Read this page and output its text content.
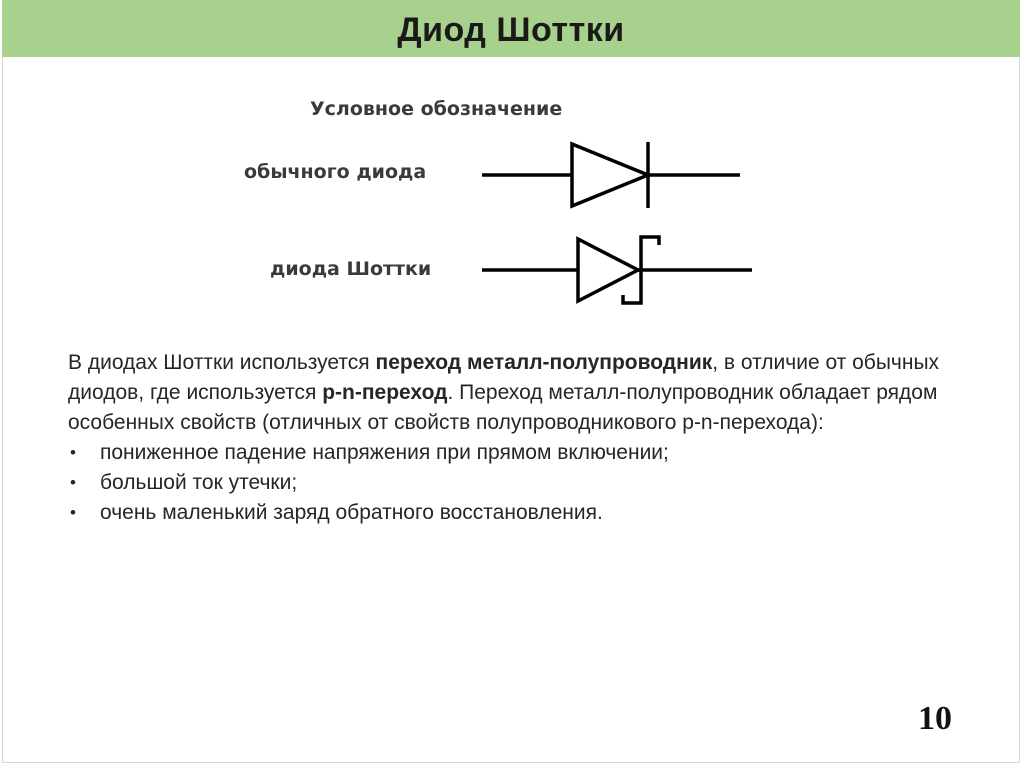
Диод Шоттки
Условное обозначение
обычного диода
диода Шоттки

В диодах Шоттки используется переход металл-полупроводник, в отличие от обычных диодов, где используется p-n-переход. Переход металл-полупроводник обладает рядом особенных свойств (отличных от свойств полупроводникового p-n-перехода):

• пониженное падение напряжения при прямом включении;
• большой ток утечки;
• очень маленький заряд обратного восстановления.
10
